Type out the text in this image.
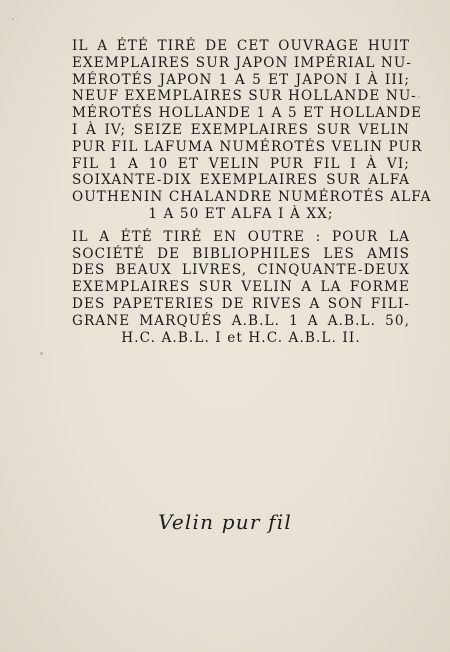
IL A ÉTÉ TIRÉ DE CET OUVRAGE HUIT
EXEMPLAIRES SUR JAPON IMPÉRIAL NU-
MÉROTÉS JAPON 1 A 5 ET JAPON I À III;
NEUF EXEMPLAIRES SUR HOLLANDE NU-
MÉROTÉS HOLLANDE 1 A 5 ET HOLLANDE
I À IV; SEIZE EXEMPLAIRES SUR VELIN
PUR FIL LAFUMA NUMÉROTÉS VELIN PUR
FIL 1 A 10 ET VELIN PUR FIL I À VI;
SOIXANTE-DIX EXEMPLAIRES SUR ALFA
OUTHENIN CHALANDRE NUMÉROTÉS ALFA
1 A 50 ET ALFA I À XX;

IL A ÉTÉ TIRÉ EN OUTRE : POUR LA
SOCIÉTÉ DE BIBLIOPHILES LES AMIS
DES BEAUX LIVRES, CINQUANTE-DEUX
EXEMPLAIRES SUR VELIN A LA FORME
DES PAPETERIES DE RIVES A SON FILI-
GRANE MARQUÉS A.B.L. 1 A A.B.L. 50,
H.C. A.B.L. I et H.C. A.B.L. II.

Velin pur fil
